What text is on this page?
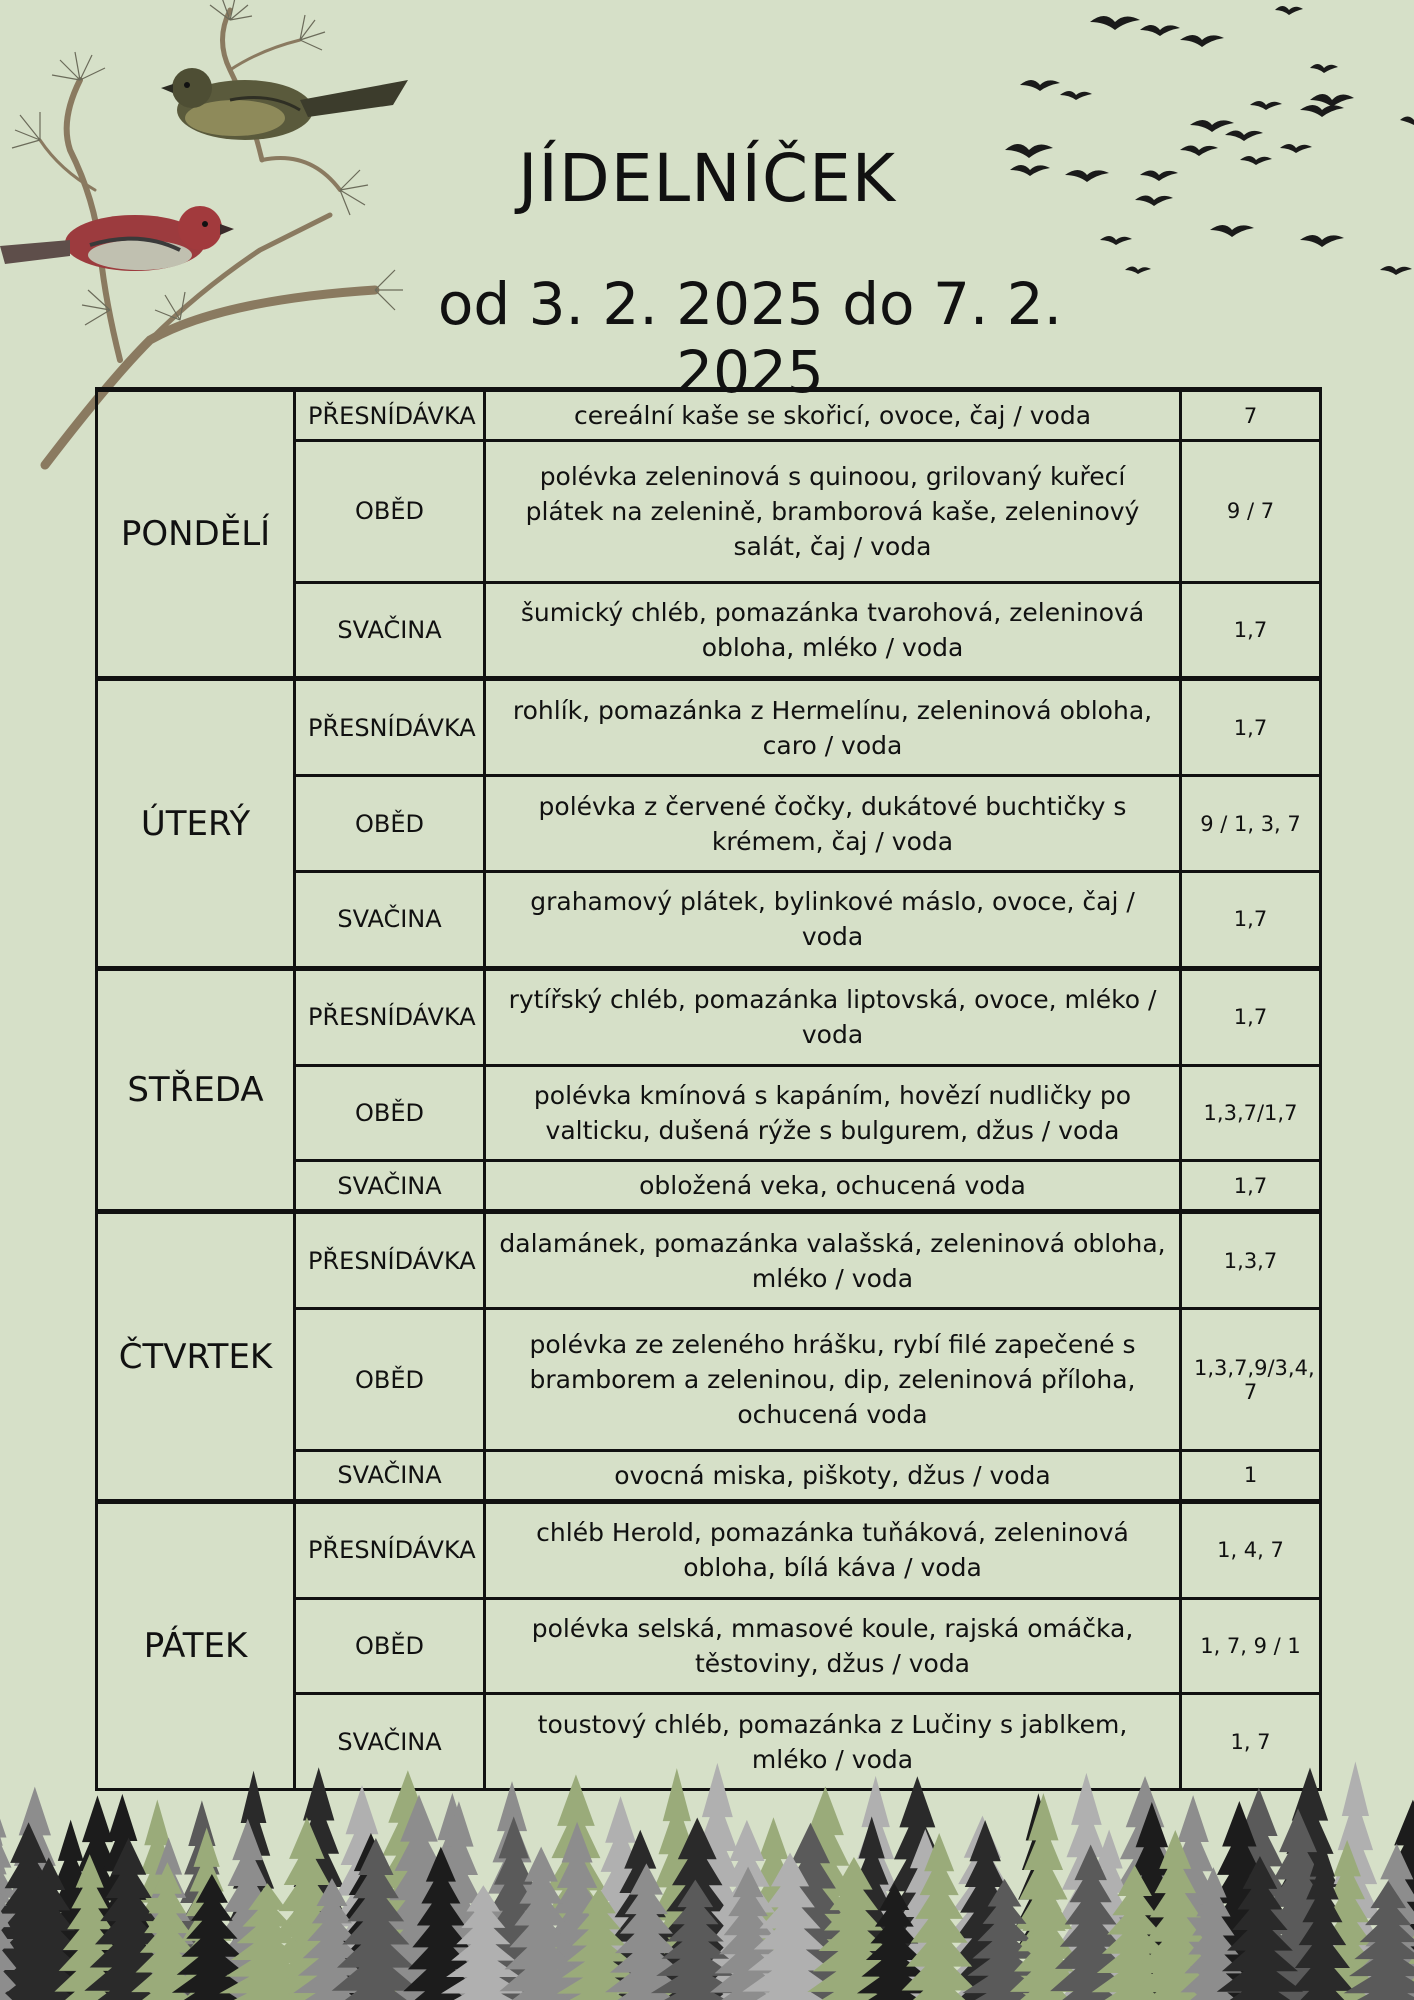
JÍDELNÍČEK
od 3. 2. 2025 do 7. 2. 2025
PONDĚLÍ	PŘESNÍDÁVKA	cereální kaše se skořicí, ovoce, čaj / voda	7
	OBĚD	polévka zeleninová s quinoou, grilovaný kuřecí plátek na zelenině, bramborová kaše, zeleninový salát, čaj / voda	9 / 7
	SVAČINA	šumický chléb, pomazánka tvarohová, zeleninová obloha, mléko / voda	1,7
ÚTERÝ	PŘESNÍDÁVKA	rohlík, pomazánka z Hermelínu, zeleninová obloha, caro / voda	1,7
	OBĚD	polévka z červené čočky, dukátové buchtičky s krémem, čaj / voda	9 / 1, 3, 7
	SVAČINA	grahamový plátek, bylinkové máslo, ovoce, čaj / voda	1,7
STŘEDA	PŘESNÍDÁVKA	rytířský chléb, pomazánka liptovská, ovoce, mléko / voda	1,7
	OBĚD	polévka kmínová s kapáním, hovězí nudličky po valticku, dušená rýže s bulgurem, džus / voda	1,3,7/1,7
	SVAČINA	obložená veka, ochucená voda	1,7
ČTVRTEK	PŘESNÍDÁVKA	dalamánek, pomazánka valašská, zeleninová obloha, mléko / voda	1,3,7
	OBĚD	polévka ze zeleného hrášku, rybí filé zapečené s bramborem a zeleninou, dip, zeleninová příloha, ochucená voda	1,3,7,9/3,4, 7
	SVAČINA	ovocná miska, piškoty, džus / voda	1
PÁTEK	PŘESNÍDÁVKA	chléb Herold, pomazánka tuňáková, zeleninová obloha, bílá káva / voda	1, 4, 7
	OBĚD	polévka selská, mmasové koule, rajská omáčka, těstoviny, džus / voda	1, 7, 9 / 1
	SVAČINA	toustový chléb, pomazánka z Lučiny s jablkem, mléko / voda	1, 7
